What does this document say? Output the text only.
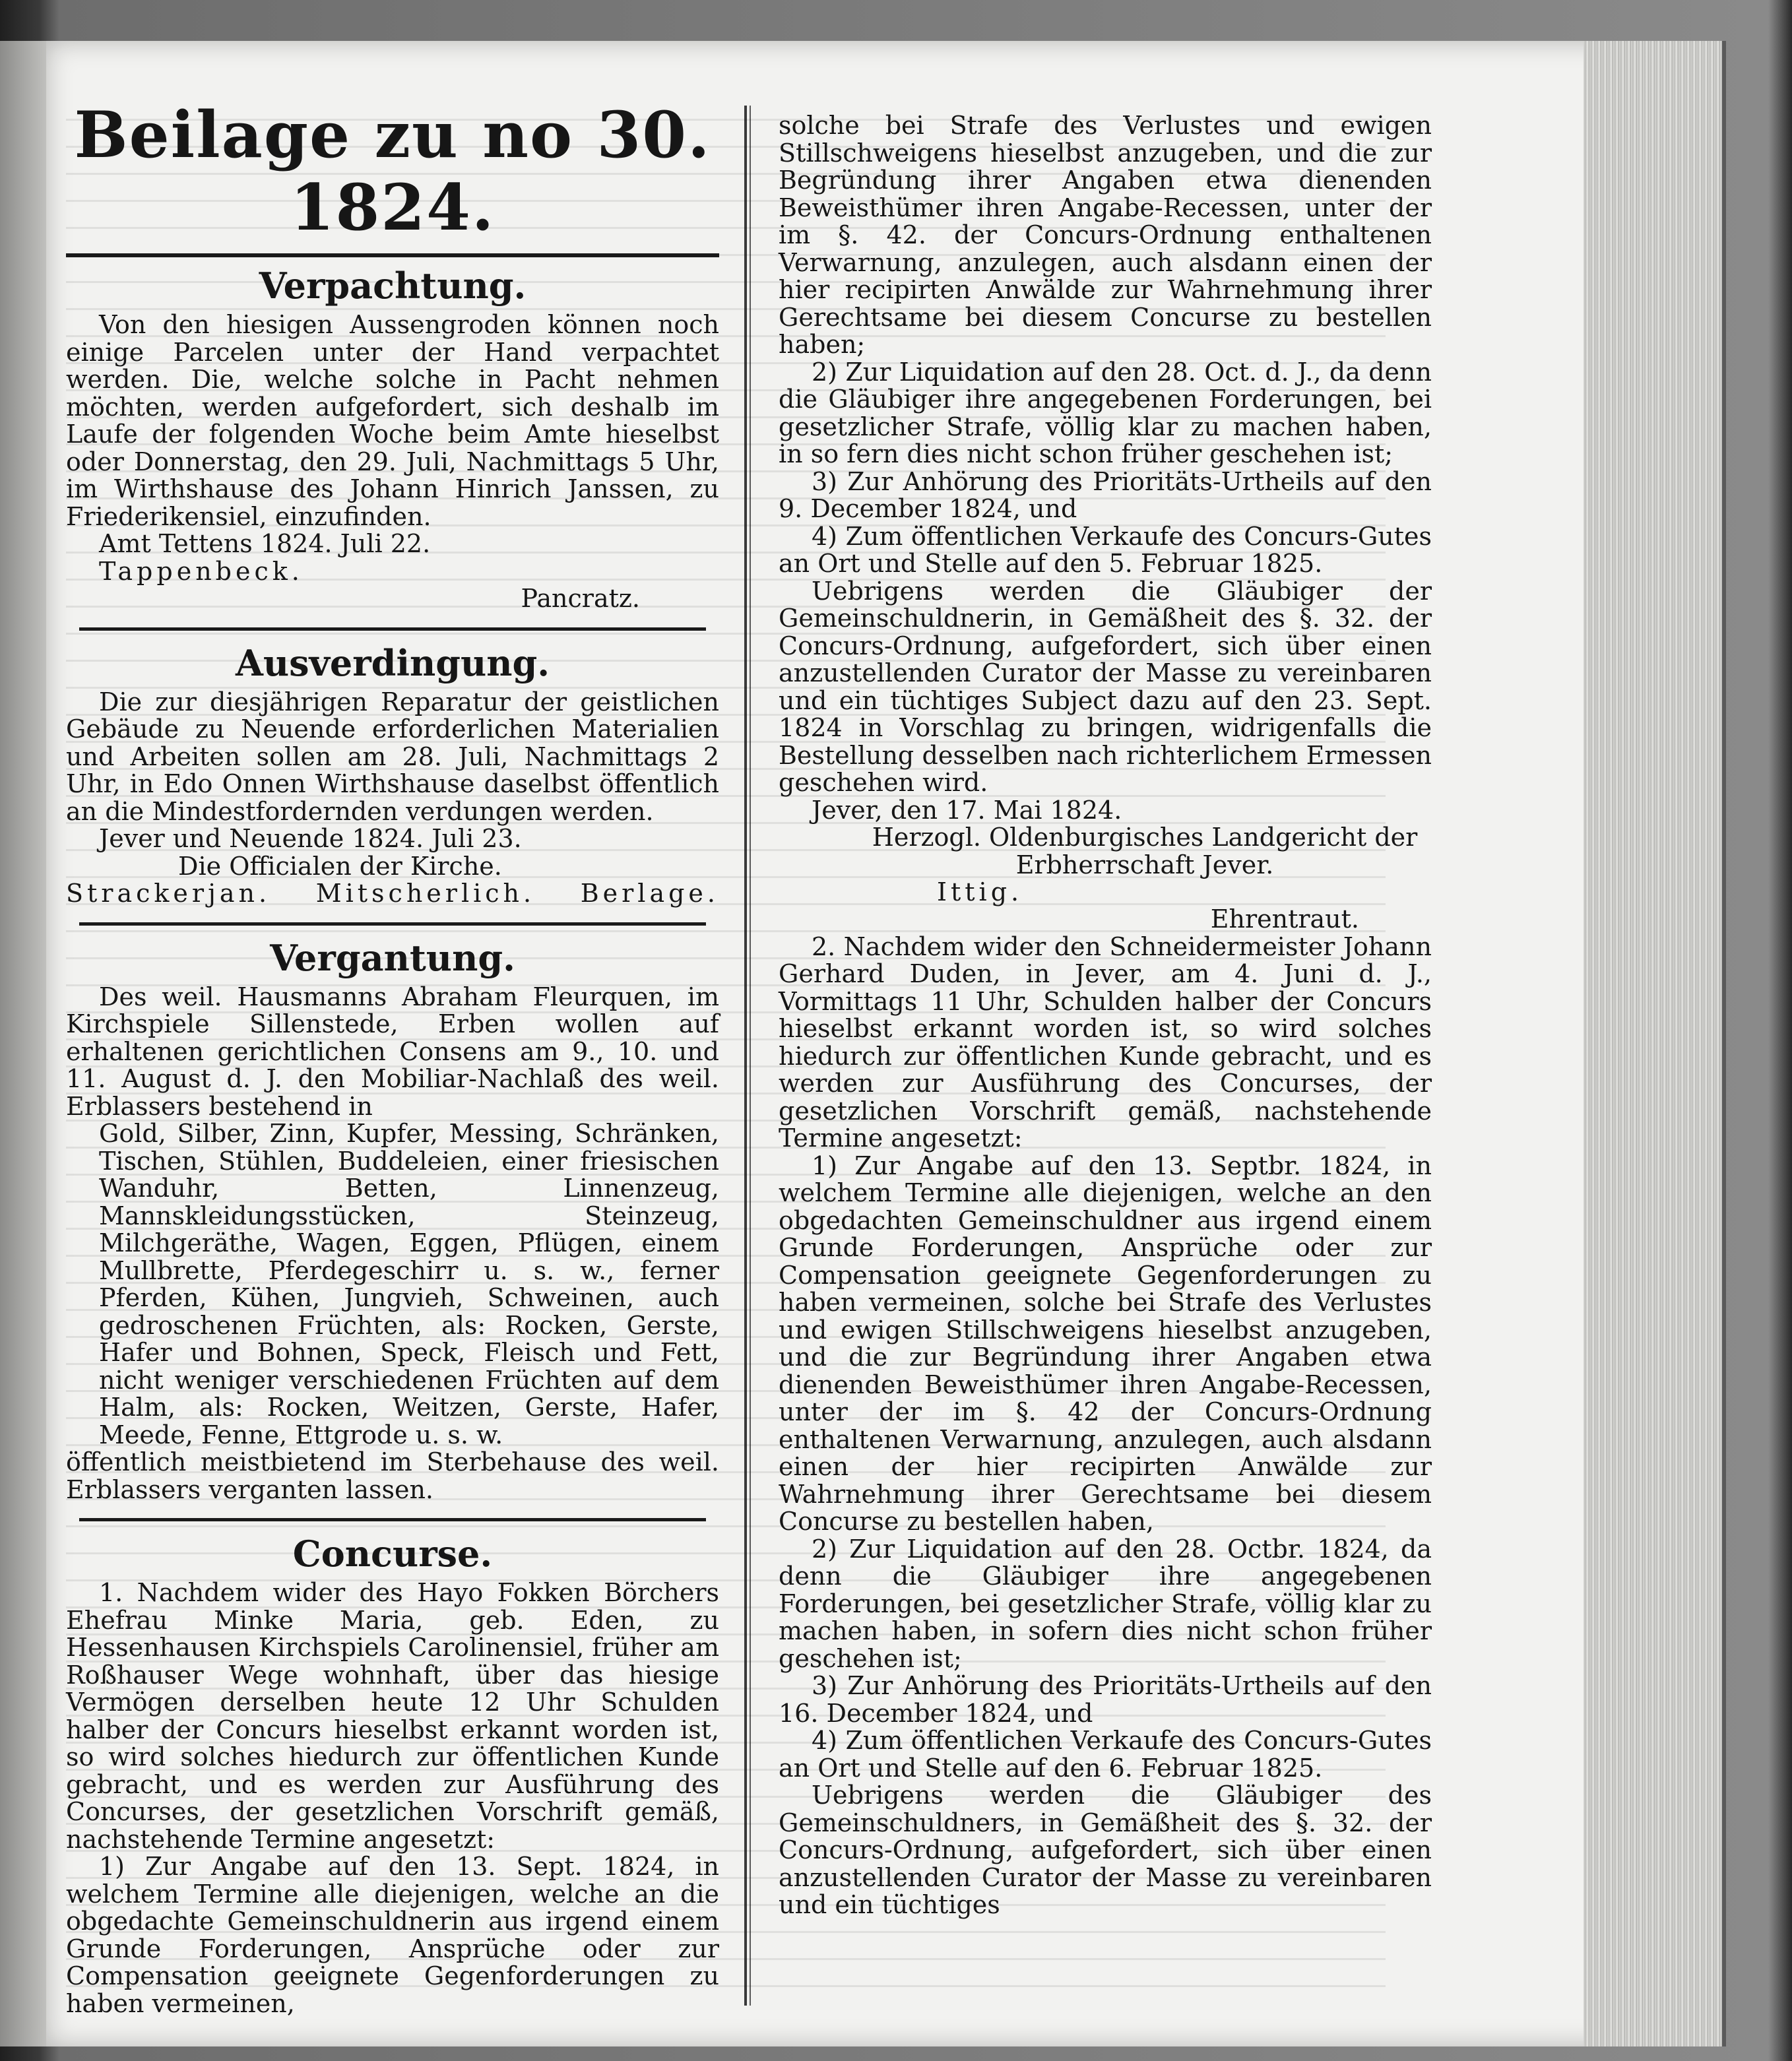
Beilage zu no 30. 1824.
Verpachtung.

Von den hiesigen Aussengroden können noch einige Parcelen unter der Hand verpachtet werden. Die, welche solche in Pacht nehmen möchten, werden aufgefordert, sich deshalb im Laufe der folgenden Woche beim Amte hieselbst oder Donnerstag, den 29. Juli, Nachmittags 5 Uhr, im Wirthshause des Johann Hinrich Janssen, zu Friederikensiel, einzufinden.

Amt Tettens 1824. Juli 22.
Tappenbeck.
Pancratz.
Ausverdingung.

Die zur diesjährigen Reparatur der geistlichen Gebäude zu Neuende erforderlichen Materialien und Arbeiten sollen am 28. Juli, Nachmittags 2 Uhr, in Edo Onnen Wirthshause daselbst öffentlich an die Mindestfordernden verdungen werden.

Jever und Neuende 1824. Juli 23.
Die Officialen der Kirche.
Strackerjan. Mitscherlich. Berlage.
Vergantung.

Des weil. Hausmanns Abraham Fleurquen, im Kirchspiele Sillenstede, Erben wollen auf erhaltenen gerichtlichen Consens am 9., 10. und 11. August d. J. den Mobiliar-Nachlaß des weil. Erblassers bestehend in

Gold, Silber, Zinn, Kupfer, Messing, Schränken, Tischen, Stühlen, Buddeleien, einer friesischen Wanduhr, Betten, Linnenzeug, Mannskleidungsstücken, Steinzeug, Milchgeräthe, Wagen, Eggen, Pflügen, einem Mullbrette, Pferdegeschirr u. s. w., ferner Pferden, Kühen, Jungvieh, Schweinen, auch gedroschenen Früchten, als: Rocken, Gerste, Hafer und Bohnen, Speck, Fleisch und Fett, nicht weniger verschiedenen Früchten auf dem Halm, als: Rocken, Weitzen, Gerste, Hafer, Meede, Fenne, Ettgrode u. s. w.

öffentlich meistbietend im Sterbehause des weil. Erblassers verganten lassen.

Concurse.

1. Nachdem wider des Hayo Fokken Börchers Ehefrau Minke Maria, geb. Eden, zu Hessenhausen Kirchspiels Carolinensiel, früher am Roßhauser Wege wohnhaft, über das hiesige Vermögen derselben heute 12 Uhr Schulden halber der Concurs hieselbst erkannt worden ist, so wird solches hiedurch zur öffentlichen Kunde gebracht, und es werden zur Ausführung des Concurses, der gesetzlichen Vorschrift gemäß, nachstehende Termine angesetzt:

1) Zur Angabe auf den 13. Sept. 1824, in welchem Termine alle diejenigen, welche an die obgedachte Gemeinschuldnerin aus irgend einem Grunde Forderungen, Ansprüche oder zur Compensation geeignete Gegenforderungen zu haben vermeinen,

solche bei Strafe des Verlustes und ewigen Stillschweigens hieselbst anzugeben, und die zur Begründung ihrer Angaben etwa dienenden Beweisthümer ihren Angabe-Recessen, unter der im §. 42. der Concurs-Ordnung enthaltenen Verwarnung, anzulegen, auch alsdann einen der hier recipirten Anwälde zur Wahrnehmung ihrer Gerechtsame bei diesem Concurse zu bestellen haben;

2) Zur Liquidation auf den 28. Oct. d. J., da denn die Gläubiger ihre angegebenen Forderungen, bei gesetzlicher Strafe, völlig klar zu machen haben, in so fern dies nicht schon früher geschehen ist;

3) Zur Anhörung des Prioritäts-Urtheils auf den 9. December 1824, und

4) Zum öffentlichen Verkaufe des Concurs-Gutes an Ort und Stelle auf den 5. Februar 1825.

Uebrigens werden die Gläubiger der Gemeinschuldnerin, in Gemäßheit des §. 32. der Concurs-Ordnung, aufgefordert, sich über einen anzustellenden Curator der Masse zu vereinbaren und ein tüchtiges Subject dazu auf den 23. Sept. 1824 in Vorschlag zu bringen, widrigenfalls die Bestellung desselben nach richterlichem Ermessen geschehen wird.

Jever, den 17. Mai 1824.
Herzogl. Oldenburgisches Landgericht der Erbherrschaft Jever.
Ittig.
Ehrentraut.

2. Nachdem wider den Schneidermeister Johann Gerhard Duden, in Jever, am 4. Juni d. J., Vormittags 11 Uhr, Schulden halber der Concurs hieselbst erkannt worden ist, so wird solches hiedurch zur öffentlichen Kunde gebracht, und es werden zur Ausführung des Concurses, der gesetzlichen Vorschrift gemäß, nachstehende Termine angesetzt:

1) Zur Angabe auf den 13. Septbr. 1824, in welchem Termine alle diejenigen, welche an den obgedachten Gemeinschuldner aus irgend einem Grunde Forderungen, Ansprüche oder zur Compensation geeignete Gegenforderungen zu haben vermeinen, solche bei Strafe des Verlustes und ewigen Stillschweigens hieselbst anzugeben, und die zur Begründung ihrer Angaben etwa dienenden Beweisthümer ihren Angabe-Recessen, unter der im §. 42 der Concurs-Ordnung enthaltenen Verwarnung, anzulegen, auch alsdann einen der hier recipirten Anwälde zur Wahrnehmung ihrer Gerechtsame bei diesem Concurse zu bestellen haben,

2) Zur Liquidation auf den 28. Octbr. 1824, da denn die Gläubiger ihre angegebenen Forderungen, bei gesetzlicher Strafe, völlig klar zu machen haben, in sofern dies nicht schon früher geschehen ist;

3) Zur Anhörung des Prioritäts-Urtheils auf den 16. December 1824, und

4) Zum öffentlichen Verkaufe des Concurs-Gutes an Ort und Stelle auf den 6. Februar 1825.

Uebrigens werden die Gläubiger des Gemeinschuldners, in Gemäßheit des §. 32. der Concurs-Ordnung, aufgefordert, sich über einen anzustellenden Curator der Masse zu vereinbaren und ein tüchtiges
